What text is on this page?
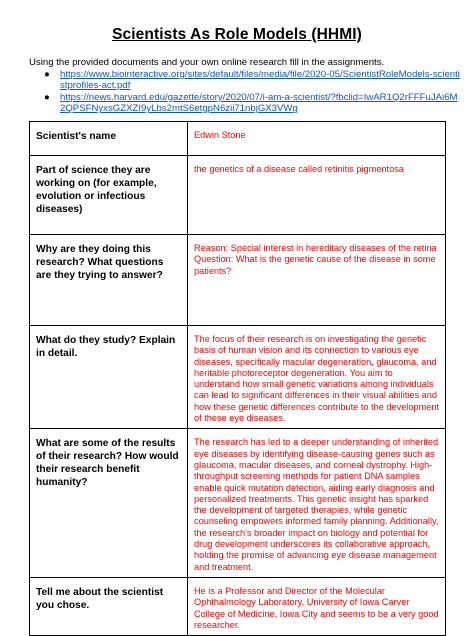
Scientists As Role Models (HHMI)
Using the provided documents and your own online research fill in the assignments.
● https://www.biointeractive.org/sites/default/files/media/file/2020-05/ScientistRoleModels-scientistprofiles-act.pdf
● https://news.harvard.edu/gazette/story/2020/07/i-am-a-scientist/?fbclid=IwAR1Q2rFFFuJAi6M2QPSFNyxsGZXZI9yLbs2mtS6etgpN6zii71nbjGX3VWg
Scientist's name	Edwin Stone
Part of science they are working on (for example, evolution or infectious diseases)	the genetics of a disease called retinitis pigmentosa
Why are they doing this research? What questions are they trying to answer?	Reason: Special interest in hereditary diseases of the retina
Question: What is the genetic cause of the disease in some patients?
What do they study? Explain in detail.	The focus of their research is on investigating the genetic basis of human vision and its connection to various eye diseases, specifically macular degeneration, glaucoma, and heritable photoreceptor degeneration. You aim to understand how small genetic variations among individuals can lead to significant differences in their visual abilities and how these genetic differences contribute to the development of these eye diseases.
What are some of the results of their research? How would their research benefit humanity?	The research has led to a deeper understanding of inherited eye diseases by identifying disease-causing genes such as glaucoma, macular diseases, and corneal dystrophy. High-throughput screening methods for patient DNA samples enable quick mutation detection, aiding early diagnosis and personalized treatments. This genetic insight has sparked the development of targeted therapies, while genetic counseling empowers informed family planning. Additionally, the research's broader impact on biology and potential for drug development underscores its collaborative approach, holding the promise of advancing eye disease management and treatment.
Tell me about the scientist you chose.	He is a Professor and Director of the Molecular Ophthalmology Laboratory, University of Iowa Carver College of Medicine, Iowa City and seems to be a very good researcher.
